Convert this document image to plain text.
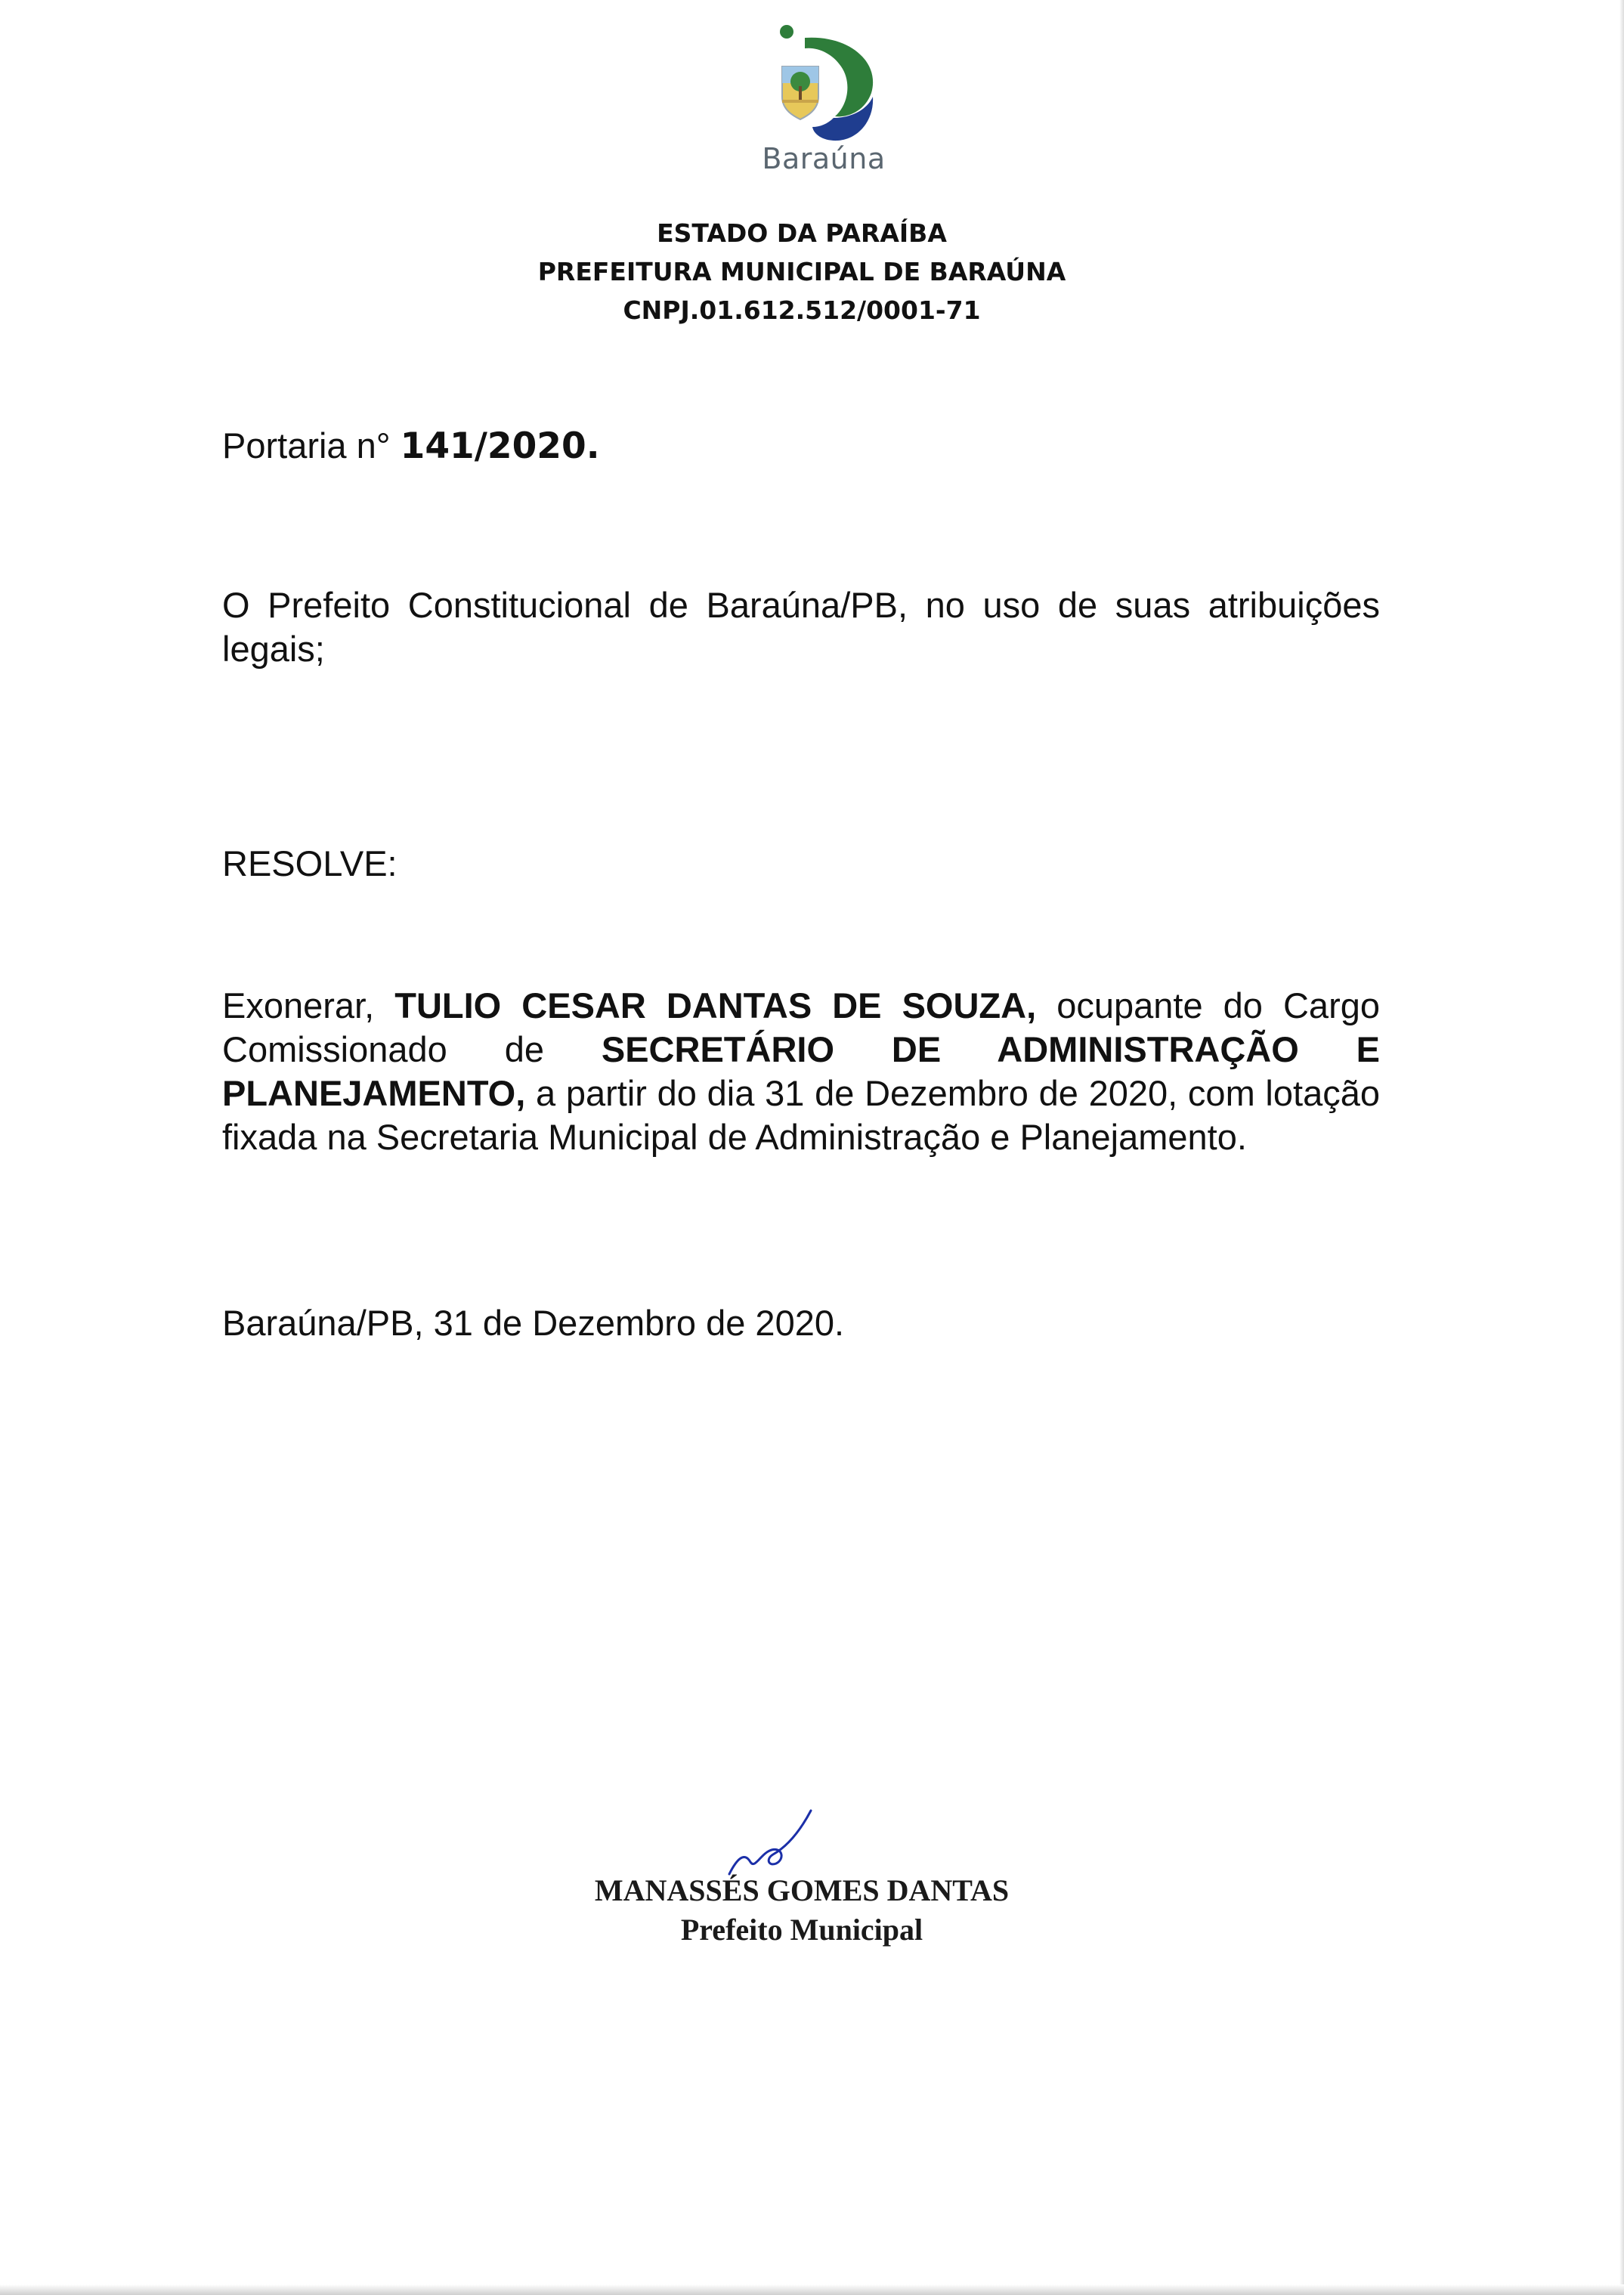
Baraúna
ESTADO DA PARAÍBA
PREFEITURA MUNICIPAL DE BARAÚNA
CNPJ.01.612.512/0001-71
Portaria n° 141/2020.
O Prefeito Constitucional de Baraúna/PB, no uso de suas atribuições legais;
RESOLVE:
Exonerar, TULIO CESAR DANTAS DE SOUZA, ocupante do Cargo Comissionado de SECRETÁRIO DE ADMINISTRAÇÃO E PLANEJAMENTO, a partir do dia 31 de Dezembro de 2020, com lotação fixada na Secretaria Municipal de Administração e Planejamento.
Baraúna/PB, 31 de Dezembro de 2020.
MANASSÉS GOMES DANTAS
Prefeito Municipal
